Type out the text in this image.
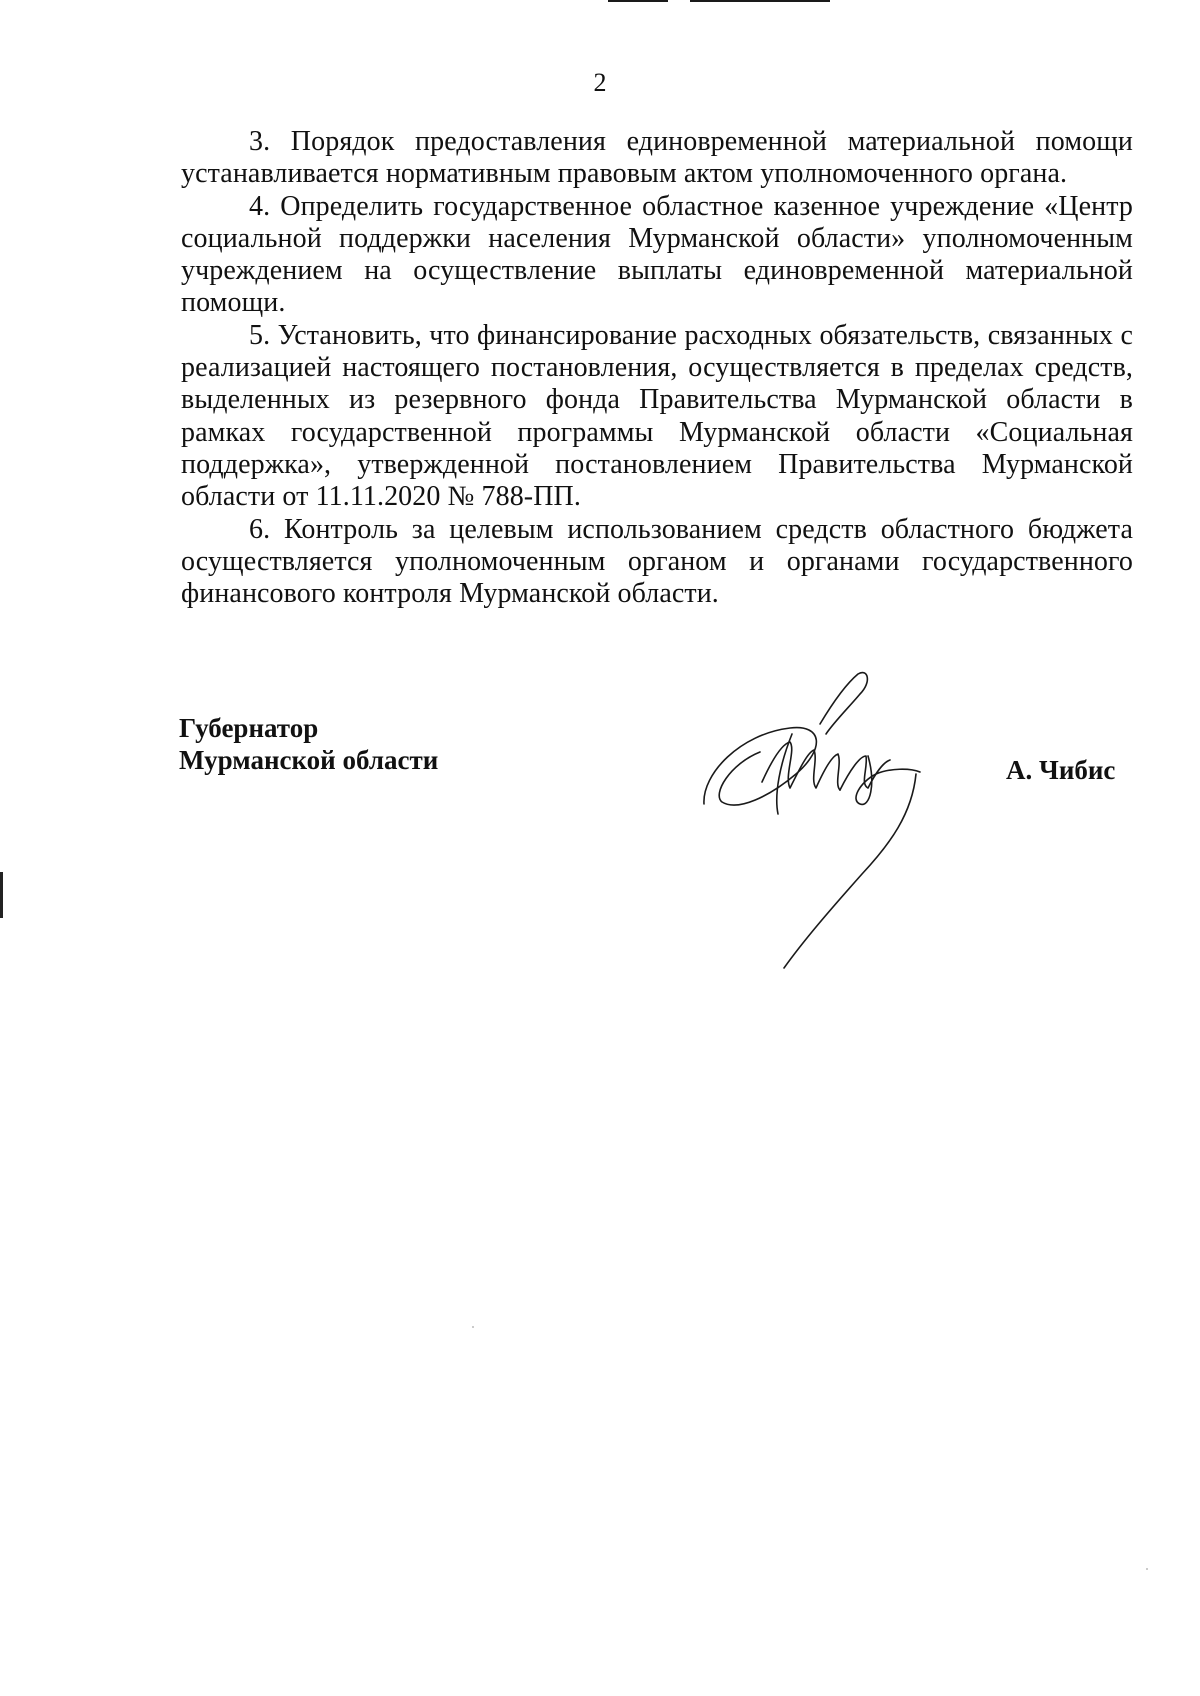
2

3. Порядок предоставления единовременной материальной помощи устанавливается нормативным правовым актом уполномоченного органа.

4. Определить государственное областное казенное учреждение «Центр социальной поддержки населения Мурманской области» уполномоченным учреждением на осуществление выплаты единовременной материальной помощи.

5. Установить, что финансирование расходных обязательств, связанных с реализацией настоящего постановления, осуществляется в пределах средств, выделенных из резервного фонда Правительства Мурманской области в рамках государственной программы Мурманской области «Социальная поддержка», утвержденной постановлением Правительства Мурманской области от 11.11.2020 № 788-ПП.

6. Контроль за целевым использованием средств областного бюджета осуществляется уполномоченным органом и органами государственного финансового контроля Мурманской области.

Губернатор
Мурманской области	А. Чибис
